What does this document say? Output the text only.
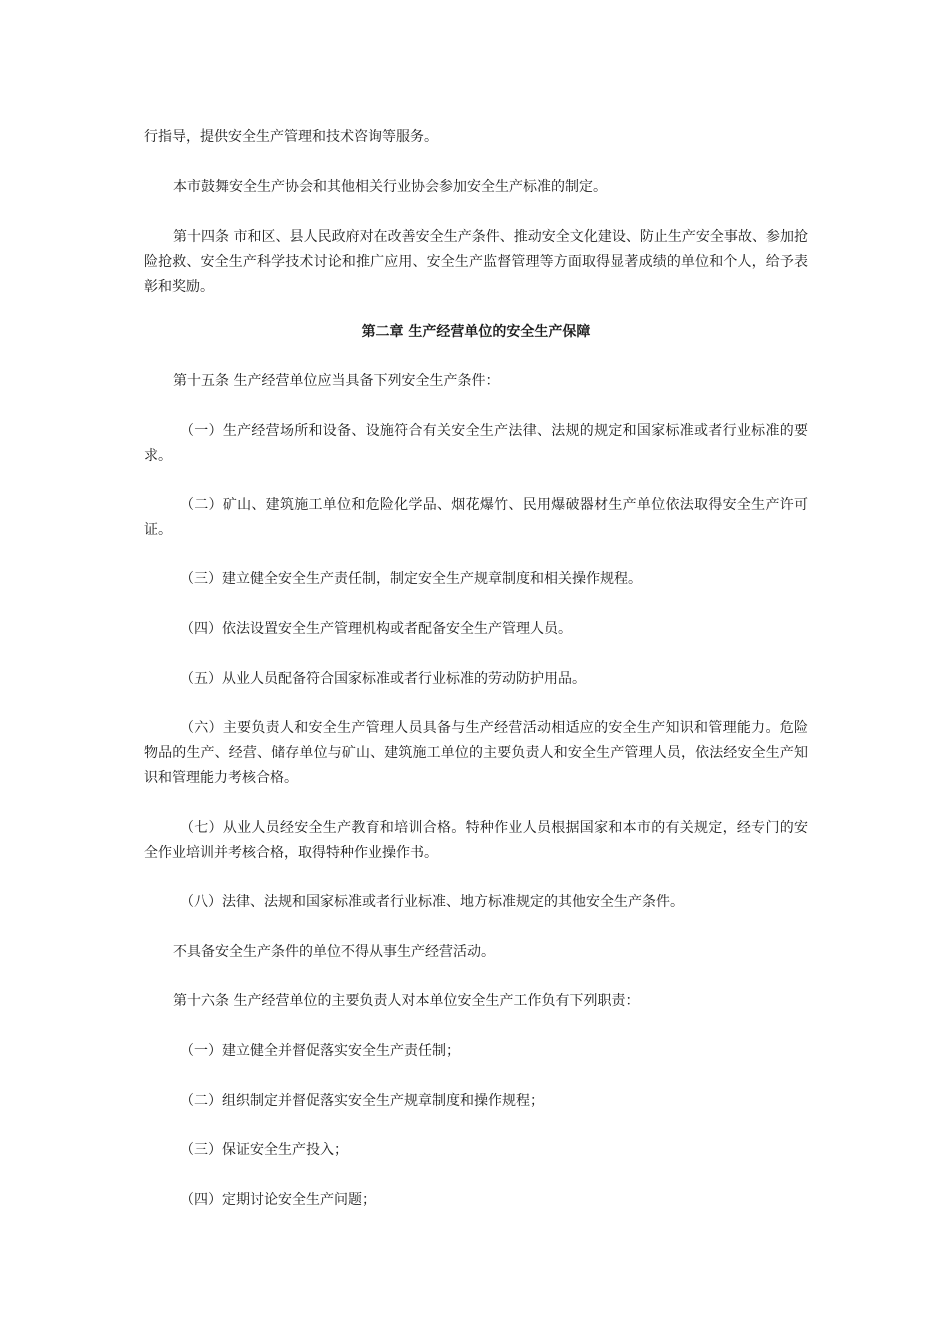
行指导，提供安全生产管理和技术咨询等服务。

本市鼓舞安全生产协会和其他相关行业协会参加安全生产标准的制定。

第十四条 市和区、县人民政府对在改善安全生产条件、推动安全文化建设、防止生产安全事故、参加抢险抢救、安全生产科学技术讨论和推广应用、安全生产监督管理等方面取得显著成绩的单位和个人，给予表彰和奖励。

第二章 生产经营单位的安全生产保障

第十五条 生产经营单位应当具备下列安全生产条件：

（一）生产经营场所和设备、设施符合有关安全生产法律、法规的规定和国家标准或者行业标准的要求。

（二）矿山、建筑施工单位和危险化学品、烟花爆竹、民用爆破器材生产单位依法取得安全生产许可证。

（三）建立健全安全生产责任制，制定安全生产规章制度和相关操作规程。

（四）依法设置安全生产管理机构或者配备安全生产管理人员。

（五）从业人员配备符合国家标准或者行业标准的劳动防护用品。

（六）主要负责人和安全生产管理人员具备与生产经营活动相适应的安全生产知识和管理能力。危险物品的生产、经营、储存单位与矿山、建筑施工单位的主要负责人和安全生产管理人员，依法经安全生产知识和管理能力考核合格。

（七）从业人员经安全生产教育和培训合格。特种作业人员根据国家和本市的有关规定，经专门的安全作业培训并考核合格，取得特种作业操作书。

（八）法律、法规和国家标准或者行业标准、地方标准规定的其他安全生产条件。

不具备安全生产条件的单位不得从事生产经营活动。

第十六条 生产经营单位的主要负责人对本单位安全生产工作负有下列职责：

（一）建立健全并督促落实安全生产责任制；

（二）组织制定并督促落实安全生产规章制度和操作规程；

（三）保证安全生产投入；

（四）定期讨论安全生产问题；
